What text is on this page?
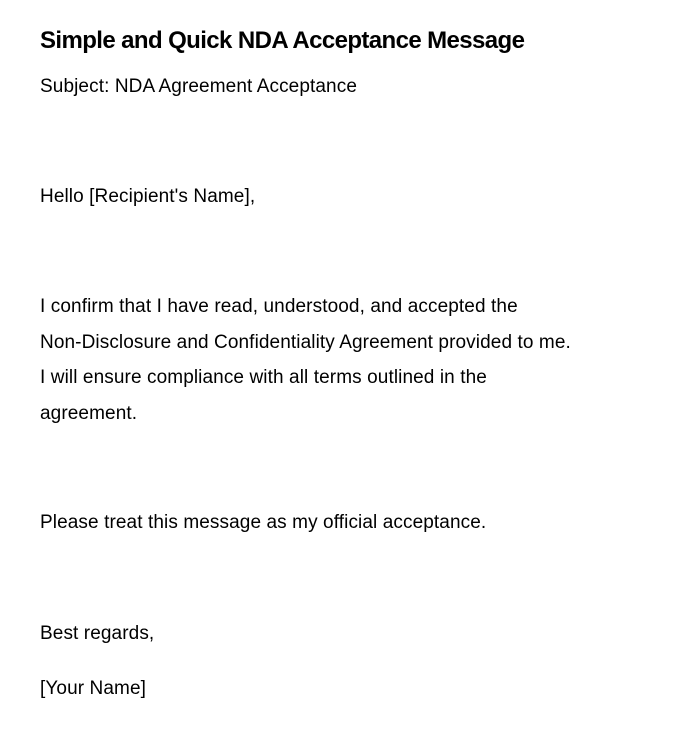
Simple and Quick NDA Acceptance Message

Subject: NDA Agreement Acceptance

Hello [Recipient's Name],

I confirm that I have read, understood, and accepted the
Non-Disclosure and Confidentiality Agreement provided to me.
I will ensure compliance with all terms outlined in the
agreement.

Please treat this message as my official acceptance.

Best regards,

[Your Name]
